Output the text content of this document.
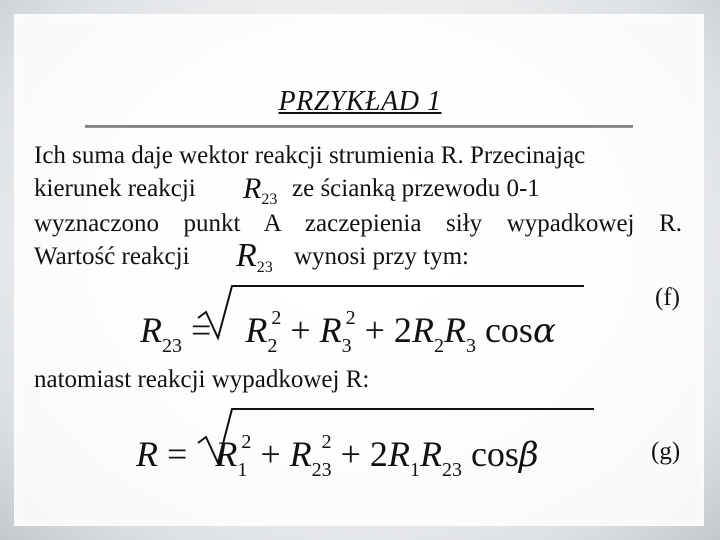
PRZYKŁAD 1
Ich suma daje wektor reakcji strumienia R. Przecinając
kierunek reakcji $R_{23}$ ze ścianką przewodu 0-1
wyznaczono punkt A zaczepienia siły wypadkowej R.
Wartość reakcji $R_{23}$ wynosi przy tym:
$R_{23} = R_2^2 + R_3^2 + 2R_2R_3$ cosα
(f)
natomiast reakcji wypadkowej R:
$R = R_1^2 + R_{23}^2 + 2R_1R_{23}$ cosβ	(g)
